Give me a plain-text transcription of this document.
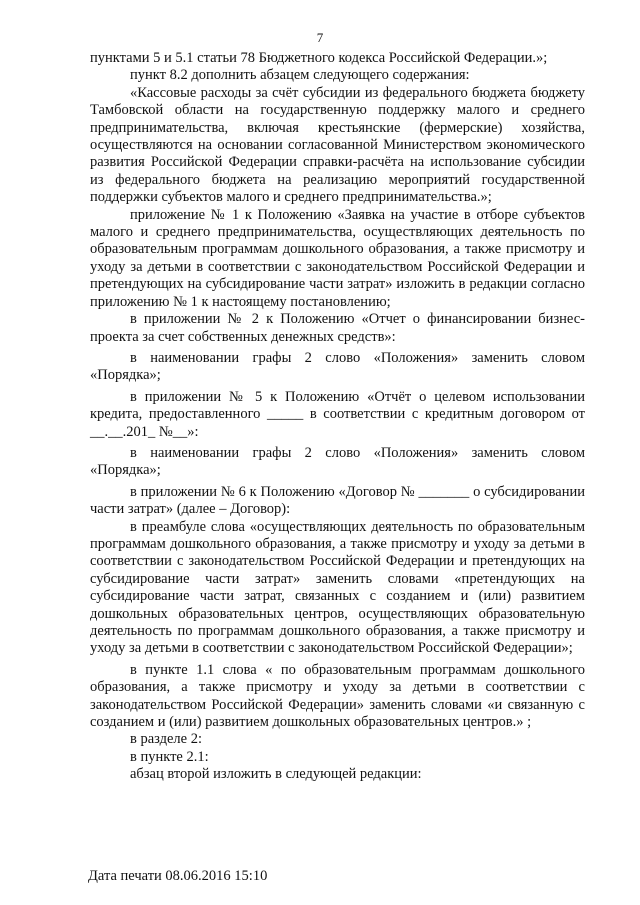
7

пунктами 5 и 5.1 статьи 78 Бюджетного кодекса Российской Федерации.»;

пункт 8.2 дополнить абзацем следующего содержания:

«Кассовые расходы за счёт субсидии из федерального бюджета бюджету Тамбовской области на государственную поддержку малого и среднего предпринимательства, включая крестьянские (фермерские) хозяйства, осуществляются на основании согласованной Министерством экономического развития Российской Федерации справки-расчёта на использование субсидии из федерального бюджета на реализацию мероприятий государственной поддержки субъектов малого и среднего предпринимательства.»;

приложение № 1 к Положению «Заявка на участие в отборе субъектов малого и среднего предпринимательства, осуществляющих деятельность по образовательным программам дошкольного образования, а также присмотру и уходу за детьми в соответствии с законодательством Российской Федерации и претендующих на субсидирование части затрат» изложить в редакции согласно приложению № 1 к настоящему постановлению;

в приложении № 2 к Положению «Отчет о финансировании бизнес-проекта за счет собственных денежных средств»:

в наименовании графы 2 слово «Положения» заменить словом «Порядка»;

в приложении № 5 к Положению «Отчёт о целевом использовании кредита, предоставленного _____ в соответствии с кредитным договором от __.__.201_ №__»:

в наименовании графы 2 слово «Положения» заменить словом «Порядка»;

в приложении № 6 к Положению «Договор № _______ о субсидировании части затрат» (далее – Договор):

в преамбуле слова «осуществляющих деятельность по образовательным программам дошкольного образования, а также присмотру и уходу за детьми в соответствии с законодательством Российской Федерации и претендующих на субсидирование части затрат» заменить словами «претендующих на субсидирование части затрат, связанных с созданием и (или) развитием дошкольных образовательных центров, осуществляющих образовательную деятельность по программам дошкольного образования, а также присмотру и уходу за детьми в соответствии с законодательством Российской Федерации»;

в пункте 1.1 слова « по образовательным программам дошкольного образования, а также присмотру и уходу за детьми в соответствии с законодательством Российской Федерации» заменить словами «и связанную с созданием и (или) развитием дошкольных образовательных центров.» ;

в разделе 2:

в пункте 2.1:

абзац второй изложить в следующей редакции:

Дата печати 08.06.2016 15:10
